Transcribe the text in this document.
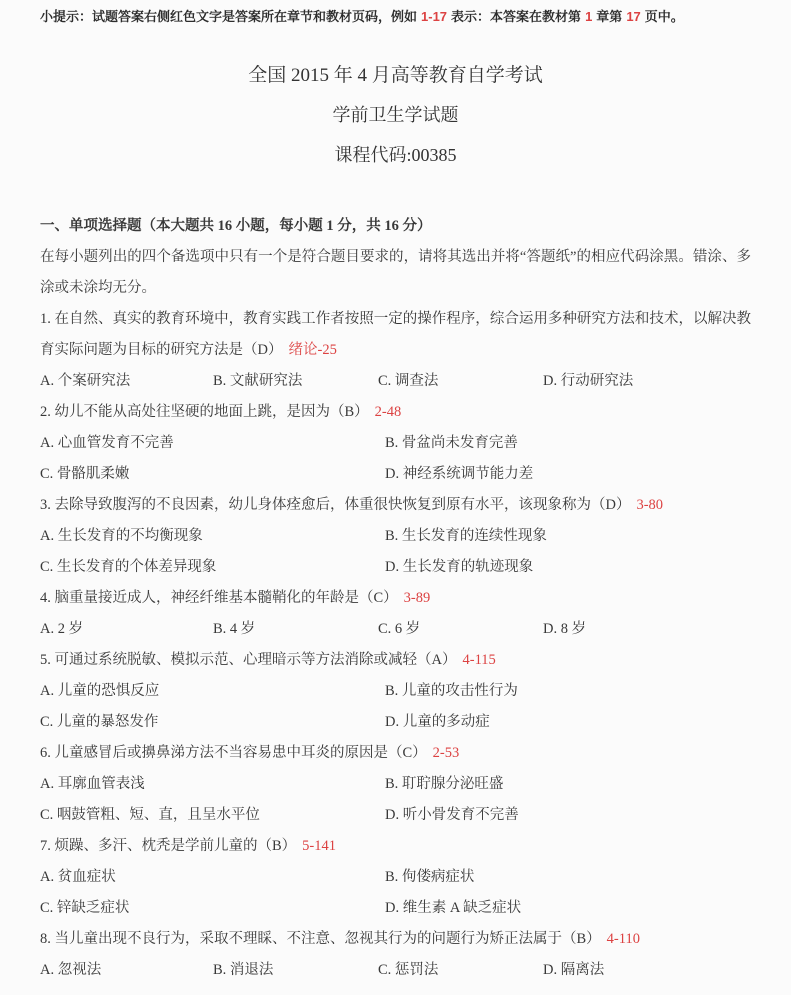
小提示：试题答案右侧红色文字是答案所在章节和教材页码，例如 1-17 表示：本答案在教材第 1 章第 17 页中。
全国 2015 年 4 月高等教育自学考试
学前卫生学试题
课程代码:00385
一、单项选择题（本大题共 16 小题，每小题 1 分，共 16 分）
在每小题列出的四个备选项中只有一个是符合题目要求的，请将其选出并将“答题纸”的相应代码涂黑。错涂、多涂或未涂均无分。
1. 在自然、真实的教育环境中，教育实践工作者按照一定的操作程序，综合运用多种研究方法和技术，以解决教育实际问题为目标的研究方法是（D） 绪论-25
A. 个案研究法	B. 文献研究法	C. 调查法	D. 行动研究法
2. 幼儿不能从高处往坚硬的地面上跳，是因为（B） 2-48
A. 心血管发育不完善	B. 骨盆尚未发育完善
C. 骨骼肌柔嫩	D. 神经系统调节能力差
3. 去除导致腹泻的不良因素，幼儿身体痊愈后，体重很快恢复到原有水平，该现象称为（D） 3-80
A. 生长发育的不均衡现象	B. 生长发育的连续性现象
C. 生长发育的个体差异现象	D. 生长发育的轨迹现象
4. 脑重量接近成人，神经纤维基本髓鞘化的年龄是（C） 3-89
A. 2 岁	B. 4 岁	C. 6 岁	D. 8 岁
5. 可通过系统脱敏、模拟示范、心理暗示等方法消除或减轻（A） 4-115
A. 儿童的恐惧反应	B. 儿童的攻击性行为
C. 儿童的暴怒发作	D. 儿童的多动症
6. 儿童感冒后或擤鼻涕方法不当容易患中耳炎的原因是（C） 2-53
A. 耳廓血管表浅	B. 耵聍腺分泌旺盛
C. 咽鼓管粗、短、直，且呈水平位	D. 听小骨发育不完善
7. 烦躁、多汗、枕秃是学前儿童的（B） 5-141
A. 贫血症状	B. 佝偻病症状
C. 锌缺乏症状	D. 维生素 A 缺乏症状
8. 当儿童出现不良行为，采取不理睬、不注意、忽视其行为的问题行为矫正法属于（B） 4-110
A. 忽视法	B. 消退法	C. 惩罚法	D. 隔离法
